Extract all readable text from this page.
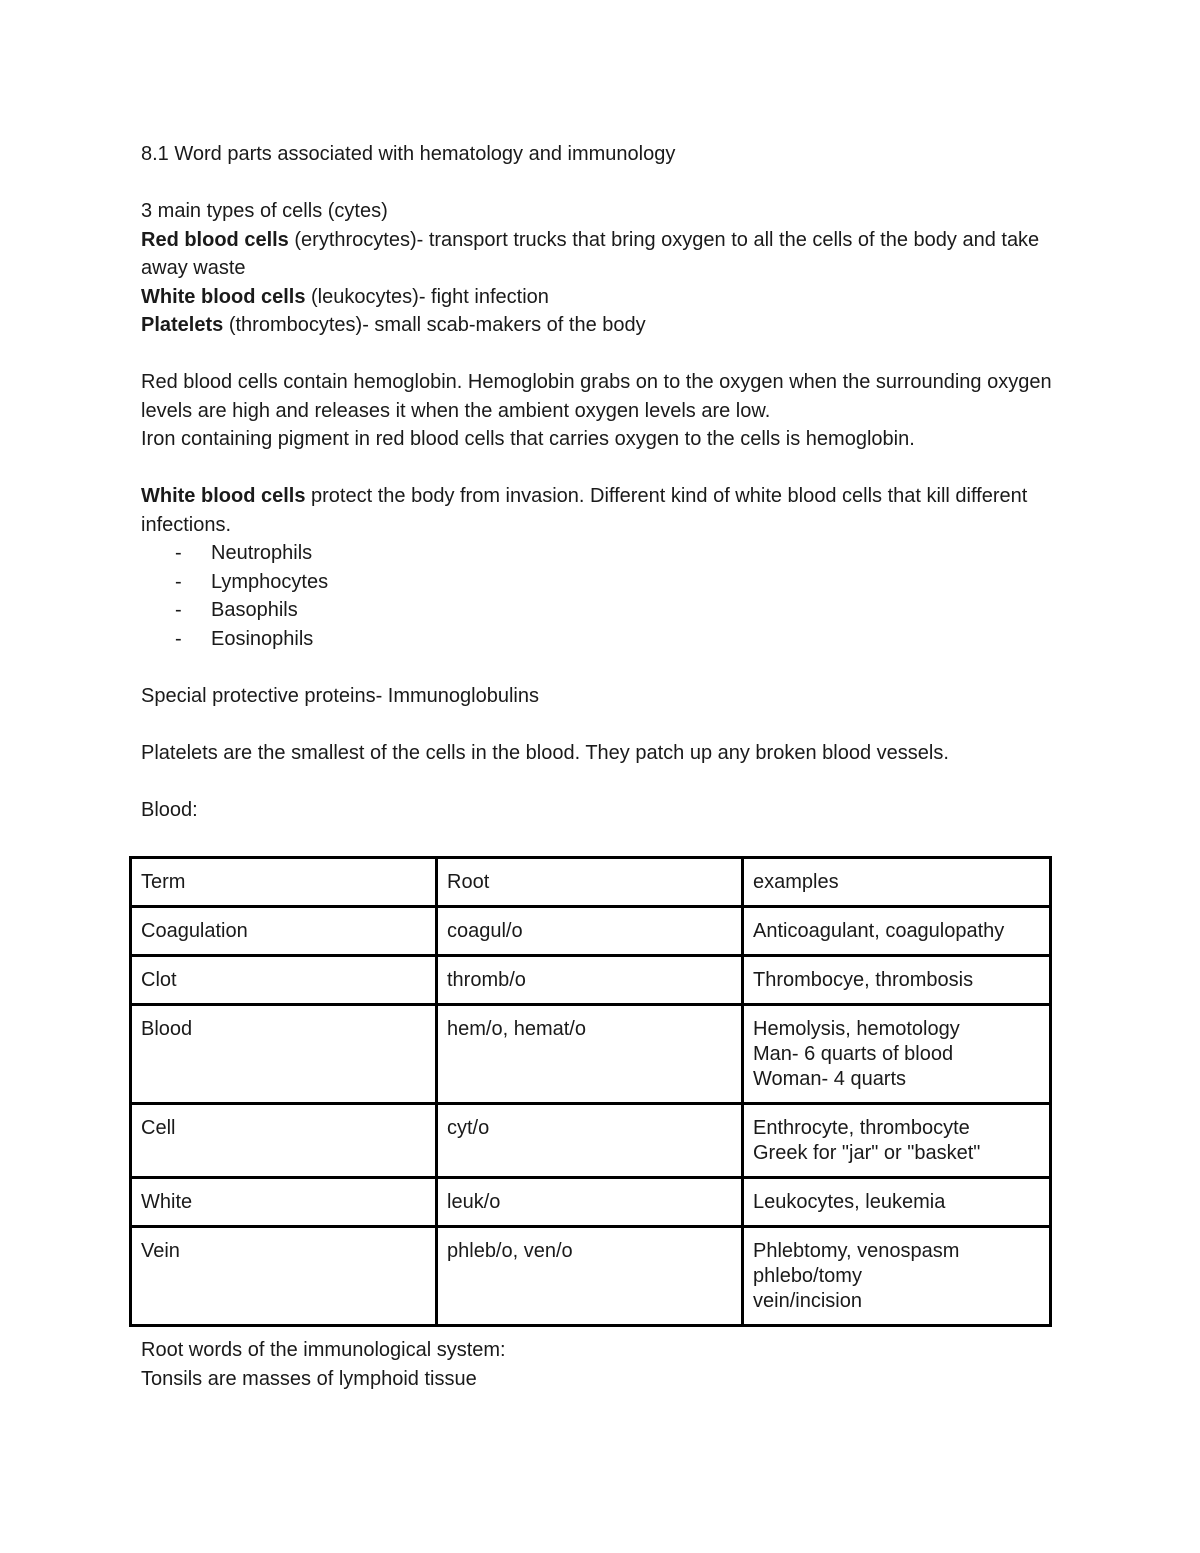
8.1 Word parts associated with hematology and immunology

3 main types of cells (cytes)

Red blood cells (erythrocytes)- transport trucks that bring oxygen to all the cells of the body and take away waste

White blood cells (leukocytes)- fight infection

Platelets (thrombocytes)- small scab-makers of the body

Red blood cells contain hemoglobin. Hemoglobin grabs on to the oxygen when the surrounding oxygen levels are high and releases it when the ambient oxygen levels are low.

Iron containing pigment in red blood cells that carries oxygen to the cells is hemoglobin.

White blood cells protect the body from invasion. Different kind of white blood cells that kill different infections.

- Neutrophils
- Lymphocytes
- Basophils
- Eosinophils

Special protective proteins- Immunoglobulins

Platelets are the smallest of the cells in the blood. They patch up any broken blood vessels.

Blood:

Term	Root	examples
Coagulation	coagul/o	Anticoagulant, coagulopathy

Clot	thromb/o	Thrombocye, thrombosis

Blood	hem/o, hemat/o	Hemolysis, hemotology
Man- 6 quarts of blood
Woman- 4 quarts

Cell	cyt/o	Enthrocyte, thrombocyte
Greek for "jar" or "basket"

White	leuk/o	Leukocytes, leukemia

Vein	phleb/o, ven/o	Phlebtomy, venospasm
phlebo/tomy
vein/incision

Root words of the immunological system:

Tonsils are masses of lymphoid tissue
